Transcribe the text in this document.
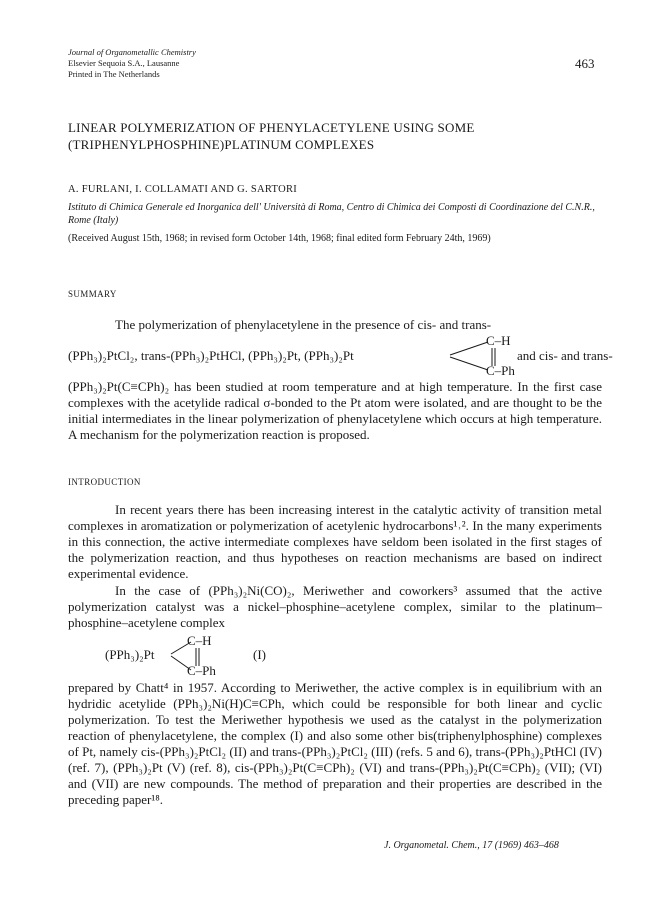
Journal of Organometallic Chemistry
Elsevier Sequoia S.A., Lausanne
Printed in The Netherlands
463
LINEAR POLYMERIZATION OF PHENYLACETYLENE USING SOME
(TRIPHENYLPHOSPHINE)PLATINUM COMPLEXES
A. FURLANI, I. COLLAMATI AND G. SARTORI
Istituto di Chimica Generale ed Inorganica dell' Università di Roma, Centro di Chimica dei Composti di Coordinazione del C.N.R., Rome (Italy)
(Received August 15th, 1968; in revised form October 14th, 1968; final edited form February 24th, 1969)
SUMMARY
The polymerization of phenylacetylene in the presence of cis- and trans-
C–H
(PPh₃)₂PtCl₂, trans-(PPh₃)₂PtHCl, (PPh₃)₂Pt, (PPh₃)₂Pt
C–Ph
and cis- and trans-

(PPh₃)₂Pt(C≡CPh)₂ has been studied at room temperature and at high temperature. In the first case complexes with the acetylide radical σ-bonded to the Pt atom were isolated, and are thought to be the initial intermediates in the linear polymerization of phenylacetylene which occurs at high temperature. A mechanism for the polymerization reaction is proposed.

INTRODUCTION

In recent years there has been increasing interest in the catalytic activity of transition metal complexes in aromatization or polymerization of acetylenic hydrocarbons¹˒². In the many experiments in this connection, the active intermediate complexes have seldom been isolated in the first stages of the polymerization reaction, and thus hypotheses on reaction mechanisms are based on indirect experimental evidence.

In the case of (PPh₃)₂Ni(CO)₂, Meriwether and coworkers³ assumed that the active polymerization catalyst was a nickel–phosphine–acetylene complex, similar to the platinum–phosphine–acetylene complex

C–H
(PPh₃)₂Pt
C–Ph
(I)

prepared by Chatt⁴ in 1957. According to Meriwether, the active complex is in equilibrium with an hydridic acetylide (PPh₃)₂Ni(H)C≡CPh, which could be responsible for both linear and cyclic polymerization. To test the Meriwether hypothesis we used as the catalyst in the polymerization reaction of phenylacetylene, the complex (I) and also some other bis(triphenylphosphine) complexes of Pt, namely cis-(PPh₃)₂PtCl₂ (II) and trans-(PPh₃)₂PtCl₂ (III) (refs. 5 and 6), trans-(PPh₃)₂PtHCl (IV) (ref. 7), (PPh₃)₂Pt (V) (ref. 8), cis-(PPh₃)₂Pt(C≡CPh)₂ (VI) and trans-(PPh₃)₂Pt(C≡CPh)₂ (VII); (VI) and (VII) are new compounds. The method of preparation and their properties are described in the preceding paper¹⁸.

J. Organometal. Chem., 17 (1969) 463–468
